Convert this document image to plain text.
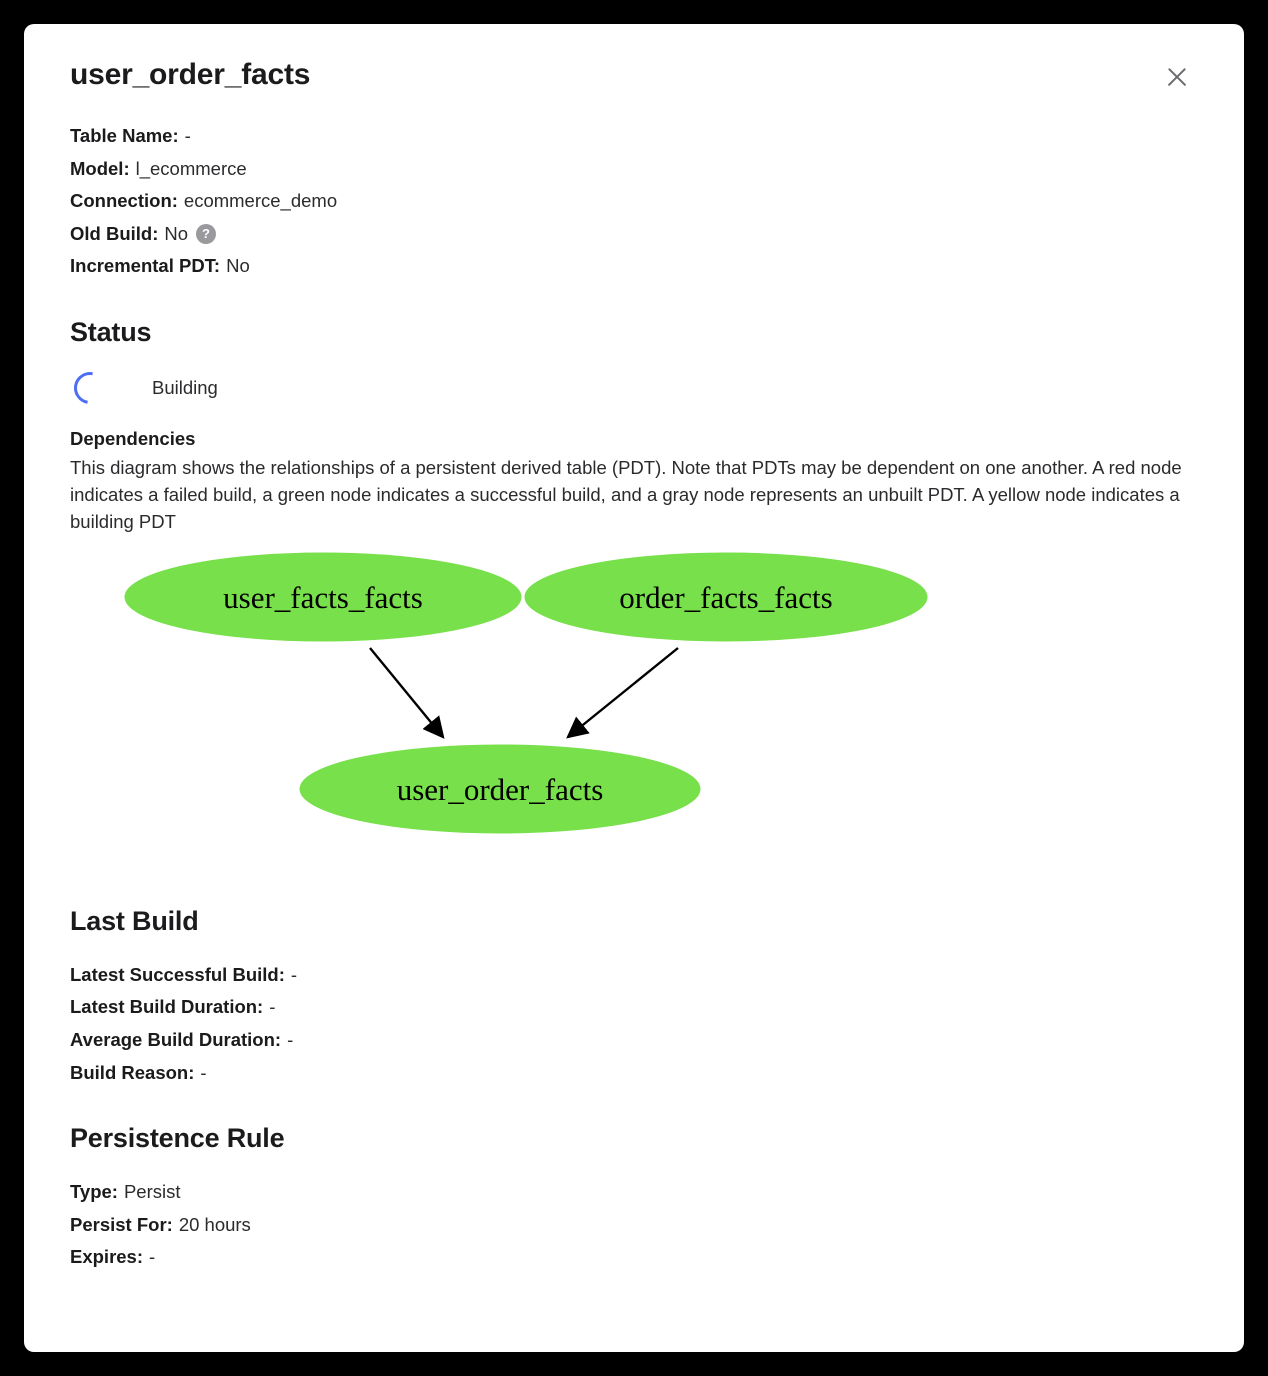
user_order_facts
Table Name: -
Model: l_ecommerce
Connection: ecommerce_demo
Old Build: No	?
Incremental PDT: No
Status
Building
Dependencies
This diagram shows the relationships of a persistent derived table (PDT). Note that PDTs may be dependent on one another. A red node indicates a failed build, a green node indicates a successful build, and a gray node represents an unbuilt PDT. A yellow node indicates a building PDT
user_facts_facts	order_facts_facts
user_order_facts
Last Build
Latest Successful Build: -
Latest Build Duration: -
Average Build Duration: -
Build Reason: -
Persistence Rule
Type: Persist
Persist For: 20 hours
Expires: -
